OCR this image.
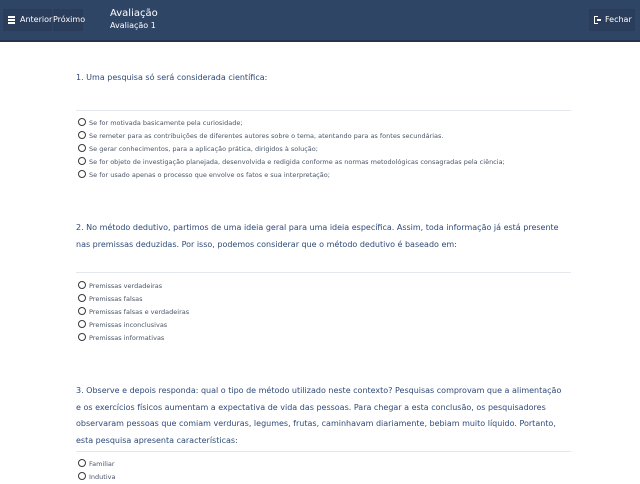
Anterior Próximo
Avaliação
Avaliação 1
Fechar
1. Uma pesquisa só será considerada científica:
Se for motivada basicamente pela curiosidade;
Se remeter para as contribuições de diferentes autores sobre o tema, atentando para as fontes secundárias.
Se gerar conhecimentos, para a aplicação prática, dirigidos à solução;
Se for objeto de investigação planejada, desenvolvida e redigida conforme as normas metodológicas consagradas pela ciência;
Se for usado apenas o processo que envolve os fatos e sua interpretação;
2. No método dedutivo, partimos de uma ideia geral para uma ideia específica. Assim, toda informação já está presente nas premissas deduzidas. Por isso, podemos considerar que o método dedutivo é baseado em:
Premissas verdadeiras
Premissas falsas
Premissas falsas e verdadeiras
Premissas inconclusivas
Premissas informativas
3. Observe e depois responda: qual o tipo de método utilizado neste contexto? Pesquisas comprovam que a alimentação e os exercícios físicos aumentam a expectativa de vida das pessoas. Para chegar a esta conclusão, os pesquisadores observaram pessoas que comiam verduras, legumes, frutas, caminhavam diariamente, bebiam muito líquido. Portanto, esta pesquisa apresenta características:
Familiar
Indutiva
